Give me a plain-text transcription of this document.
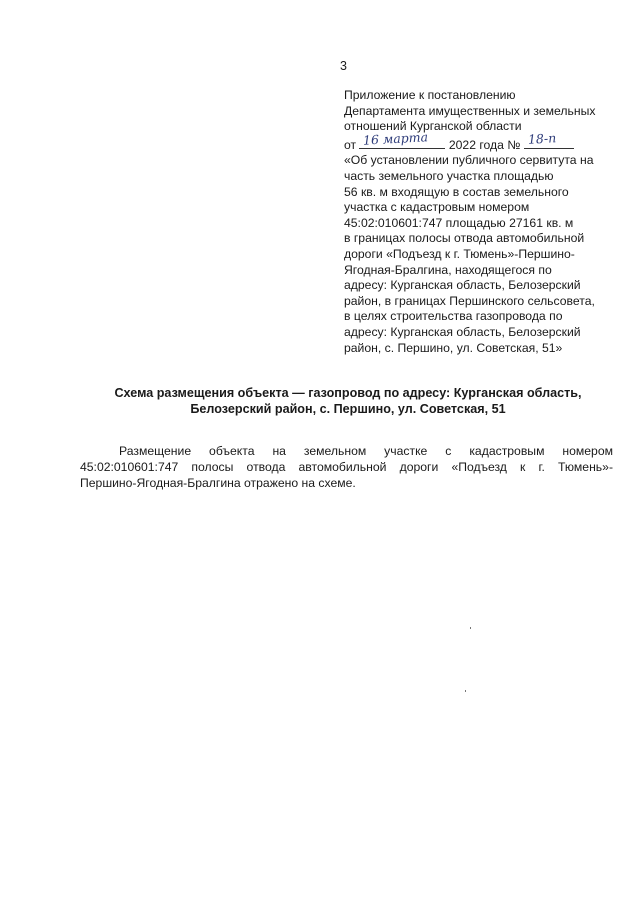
3
Приложение к постановлению
Департамента имущественных и земельных
отношений Курганской области
от 16 марта 2022 года № 18-п
«Об установлении публичного сервитута на
часть земельного участка площадью
56 кв. м входящую в состав земельного
участка с кадастровым номером
45:02:010601:747 площадью 27161 кв. м
в границах полосы отвода автомобильной
дороги «Подъезд к г. Тюмень»-Першино-
Ягодная-Бралгина, находящегося по
адресу: Курганская область, Белозерский
район, в границах Першинского сельсовета,
в целях строительства газопровода по
адресу: Курганская область, Белозерский
район, с. Першино, ул. Советская, 51»
Схема размещения объекта — газопровод по адресу: Курганская область,
Белозерский район, с. Першино, ул. Советская, 51
Размещение объекта на земельном участке с кадастровым номером
45:02:010601:747 полосы отвода автомобильной дороги «Подъезд к г. Тюмень»-
Першино-Ягодная-Бралгина отражено на схеме.
